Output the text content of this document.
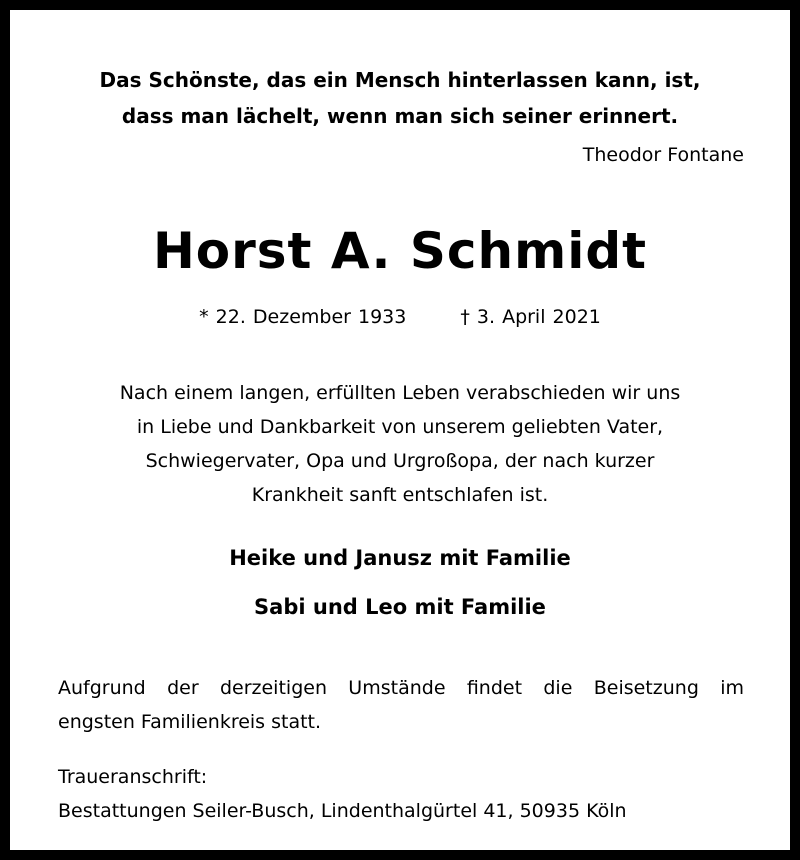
Das Schönste, das ein Mensch hinterlassen kann, ist,
dass man lächelt, wenn man sich seiner erinnert.
Theodor Fontane
Horst A. Schmidt
* 22. Dezember 1933	† 3. April 2021
Nach einem langen, erfüllten Leben verabschieden wir uns
in Liebe und Dankbarkeit von unserem geliebten Vater,
Schwiegervater, Opa und Urgroßopa, der nach kurzer
Krankheit sanft entschlafen ist.
Heike und Janusz mit Familie
Sabi und Leo mit Familie
Aufgrund der derzeitigen Umstände findet die Beisetzung im
engsten Familienkreis statt.
Traueranschrift:
Bestattungen Seiler-Busch, Lindenthalgürtel 41, 50935 Köln
